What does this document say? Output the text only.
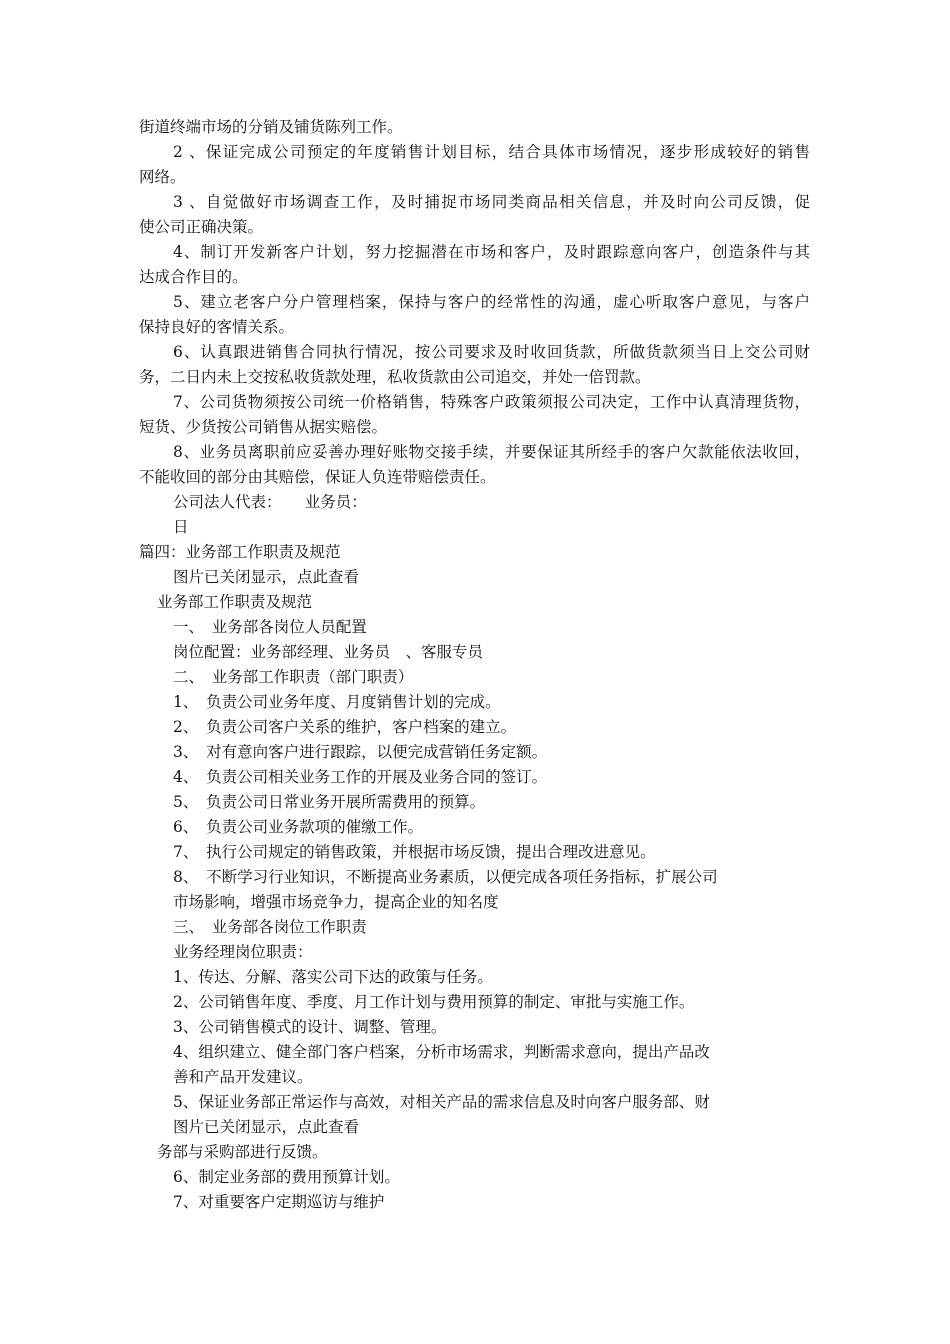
街道终端市场的分销及铺货陈列工作。
2 、保证完成公司预定的年度销售计划目标，结合具体市场情况，逐步形成较好的销售
网络。
3 、自觉做好市场调查工作，及时捕捉市场同类商品相关信息，并及时向公司反馈，促
使公司正确决策。
4、制订开发新客户计划，努力挖掘潜在市场和客户，及时跟踪意向客户，创造条件与其
达成合作目的。
5、建立老客户分户管理档案，保持与客户的经常性的沟通，虚心听取客户意见，与客户
保持良好的客情关系。
6、认真跟进销售合同执行情况，按公司要求及时收回货款，所做货款须当日上交公司财
务，二日内未上交按私收货款处理，私收货款由公司追交，并处一倍罚款。
7、公司货物须按公司统一价格销售，特殊客户政策须报公司决定，工作中认真清理货物，
短货、少货按公司销售从据实赔偿。
8、业务员离职前应妥善办理好账物交接手续，并要保证其所经手的客户欠款能依法收回，
不能收回的部分由其赔偿，保证人负连带赔偿责任。
公司法人代表：　　业务员：
日
篇四：业务部工作职责及规范
图片已关闭显示，点此查看
业务部工作职责及规范
一、　业务部各岗位人员配置
岗位配置：业务部经理、业务员　、客服专员
二、　业务部工作职责（部门职责）
1、　负责公司业务年度、月度销售计划的完成。
2、　负责公司客户关系的维护，客户档案的建立。
3、　对有意向客户进行跟踪，以便完成营销任务定额。
4、　负责公司相关业务工作的开展及业务合同的签订。
5、　负责公司日常业务开展所需费用的预算。
6、　负责公司业务款项的催缴工作。
7、　执行公司规定的销售政策，并根据市场反馈，提出合理改进意见。
8、　不断学习行业知识，不断提高业务素质，以便完成各项任务指标，扩展公司
市场影响，增强市场竞争力，提高企业的知名度
三、　业务部各岗位工作职责
业务经理岗位职责：
1、传达、分解、落实公司下达的政策与任务。
2、公司销售年度、季度、月工作计划与费用预算的制定、审批与实施工作。
3、公司销售模式的设计、调整、管理。
4、组织建立、健全部门客户档案，分析市场需求，判断需求意向，提出产品改
善和产品开发建议。
5、保证业务部正常运作与高效，对相关产品的需求信息及时向客户服务部、财
图片已关闭显示，点此查看
务部与采购部进行反馈。
6、制定业务部的费用预算计划。
7、对重要客户定期巡访与维护
